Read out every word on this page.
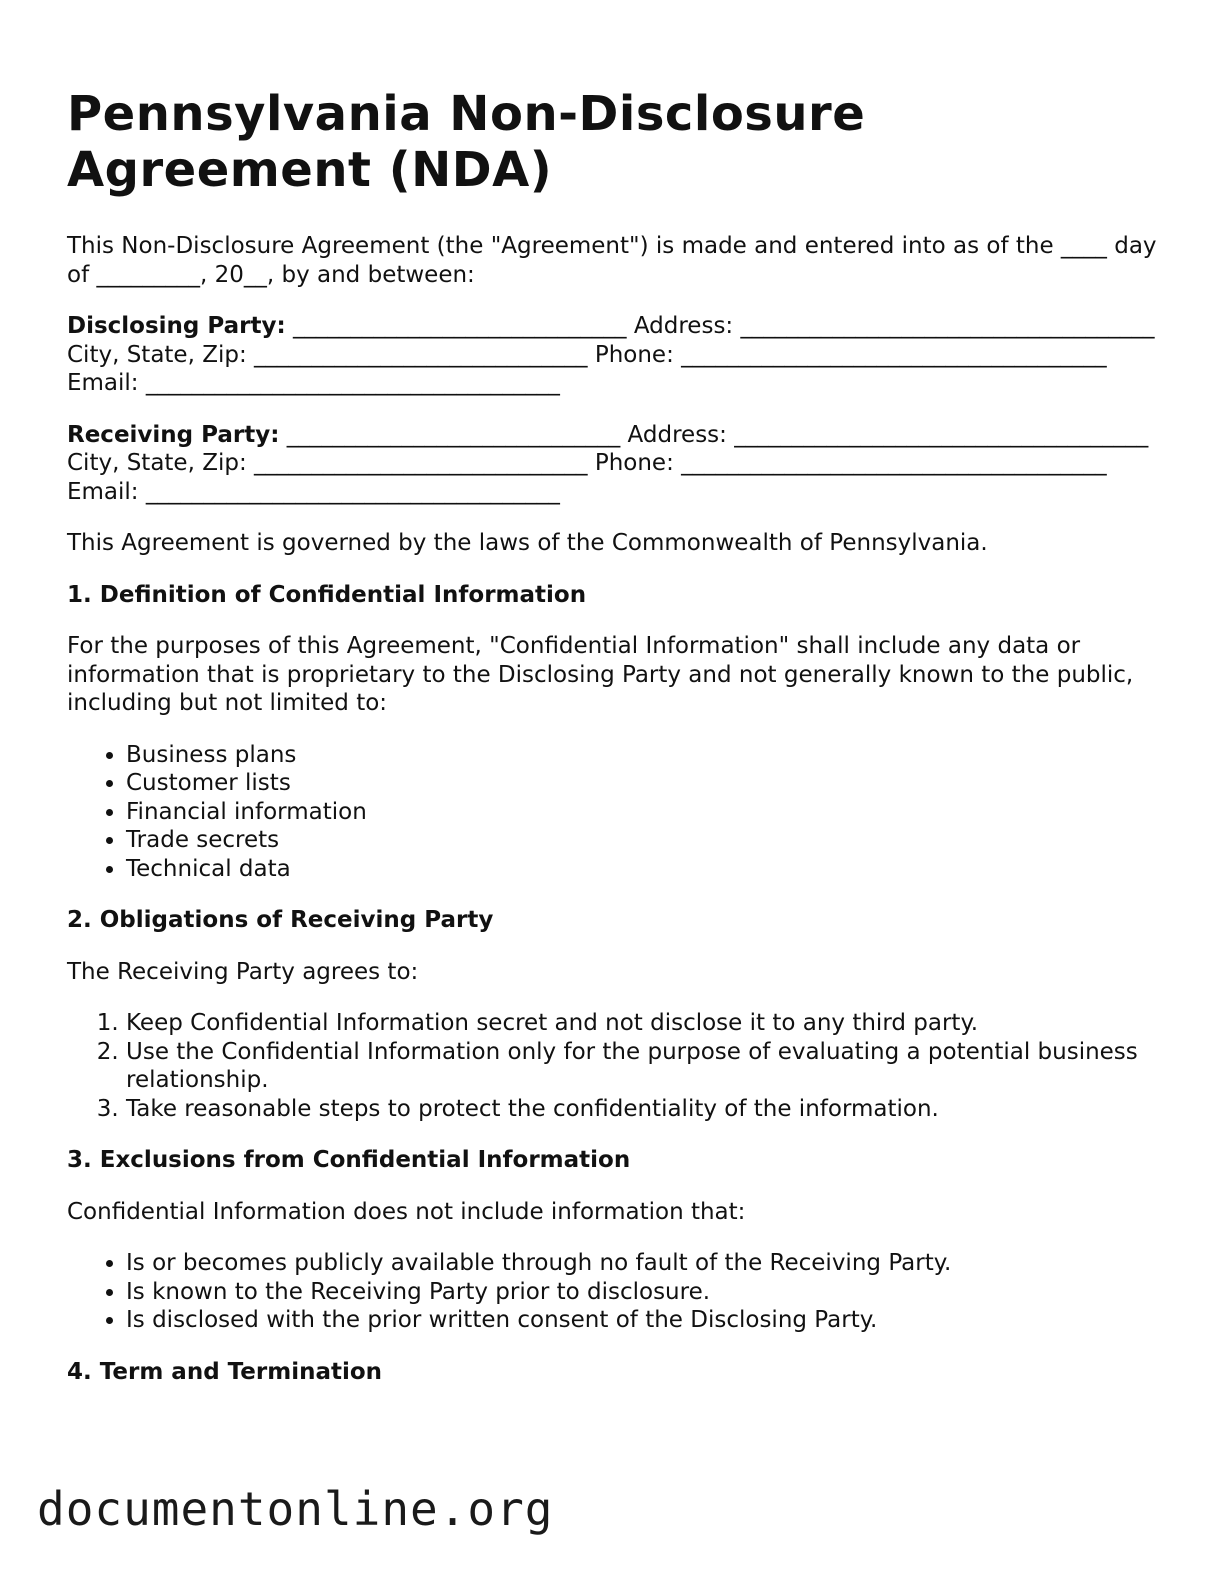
Pennsylvania Non-Disclosure Agreement (NDA)

This Non-Disclosure Agreement (the "Agreement") is made and entered into as of the ____ day of _________, 20__, by and between:

Disclosing Party: _____________________________ Address: ____________________________________ City, State, Zip: _____________________________ Phone: _____________________________________ Email: ____________________________________

Receiving Party: _____________________________ Address: ____________________________________ City, State, Zip: _____________________________ Phone: _____________________________________ Email: ____________________________________

This Agreement is governed by the laws of the Commonwealth of Pennsylvania.

1. Definition of Confidential Information

For the purposes of this Agreement, "Confidential Information" shall include any data or information that is proprietary to the Disclosing Party and not generally known to the public, including but not limited to:

• Business plans
• Customer lists
• Financial information
• Trade secrets
• Technical data
2. Obligations of Receiving Party

The Receiving Party agrees to:

1. Keep Confidential Information secret and not disclose it to any third party.
2. Use the Confidential Information only for the purpose of evaluating a potential business relationship.
3. Take reasonable steps to protect the confidentiality of the information.
3. Exclusions from Confidential Information

Confidential Information does not include information that:

• Is or becomes publicly available through no fault of the Receiving Party.
• Is known to the Receiving Party prior to disclosure.
• Is disclosed with the prior written consent of the Disclosing Party.
4. Term and Termination
documentonline.org
